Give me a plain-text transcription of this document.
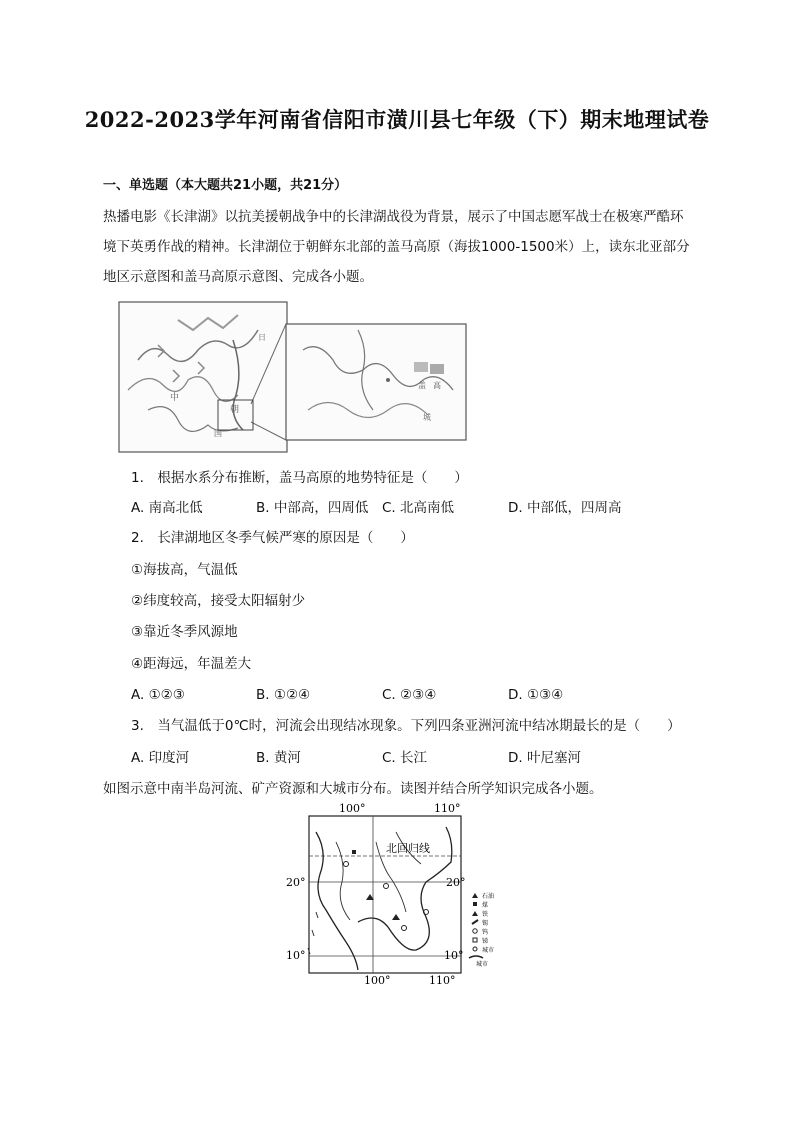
2022-2023学年河南省信阳市潢川县七年级（下）期末地理试卷
一、单选题（本大题共21小题，共21分）
热播电影《长津湖》以抗美援朝战争中的长津湖战役为背景，展示了中国志愿军战士在极寒严酷环境下英勇作战的精神。长津湖位于朝鲜东北部的盖马高原（海拔1000-1500米）上，读东北亚部分地区示意图和盖马高原示意图、完成各小题。
中
朝
国
日
盖 高
城
1.　根据水系分布推断，盖马高原的地势特征是（　　）
A. 南高北低	B. 中部高，四周低 C. 北高南低	D. 中部低，四周高
2.　长津湖地区冬季气候严寒的原因是（　　）
①海拔高，气温低
②纬度较高，接受太阳辐射少
③靠近冬季风源地
④距海远，年温差大
A. ①②③	B. ①②④	C. ②③④	D. ①③④
3.　当气温低于0℃时，河流会出现结冰现象。下列四条亚洲河流中结冰期最长的是（　　）
A. 印度河	B. 黄河	C. 长江	D. 叶尼塞河
如图示意中南半岛河流、矿产资源和大城市分布。读图并结合所学知识完成各小题。
100°	110°
100°	110°
20°	20°
10°	10°
北回归线
石油
煤
铁
锡
钨
锑
城市
城市
